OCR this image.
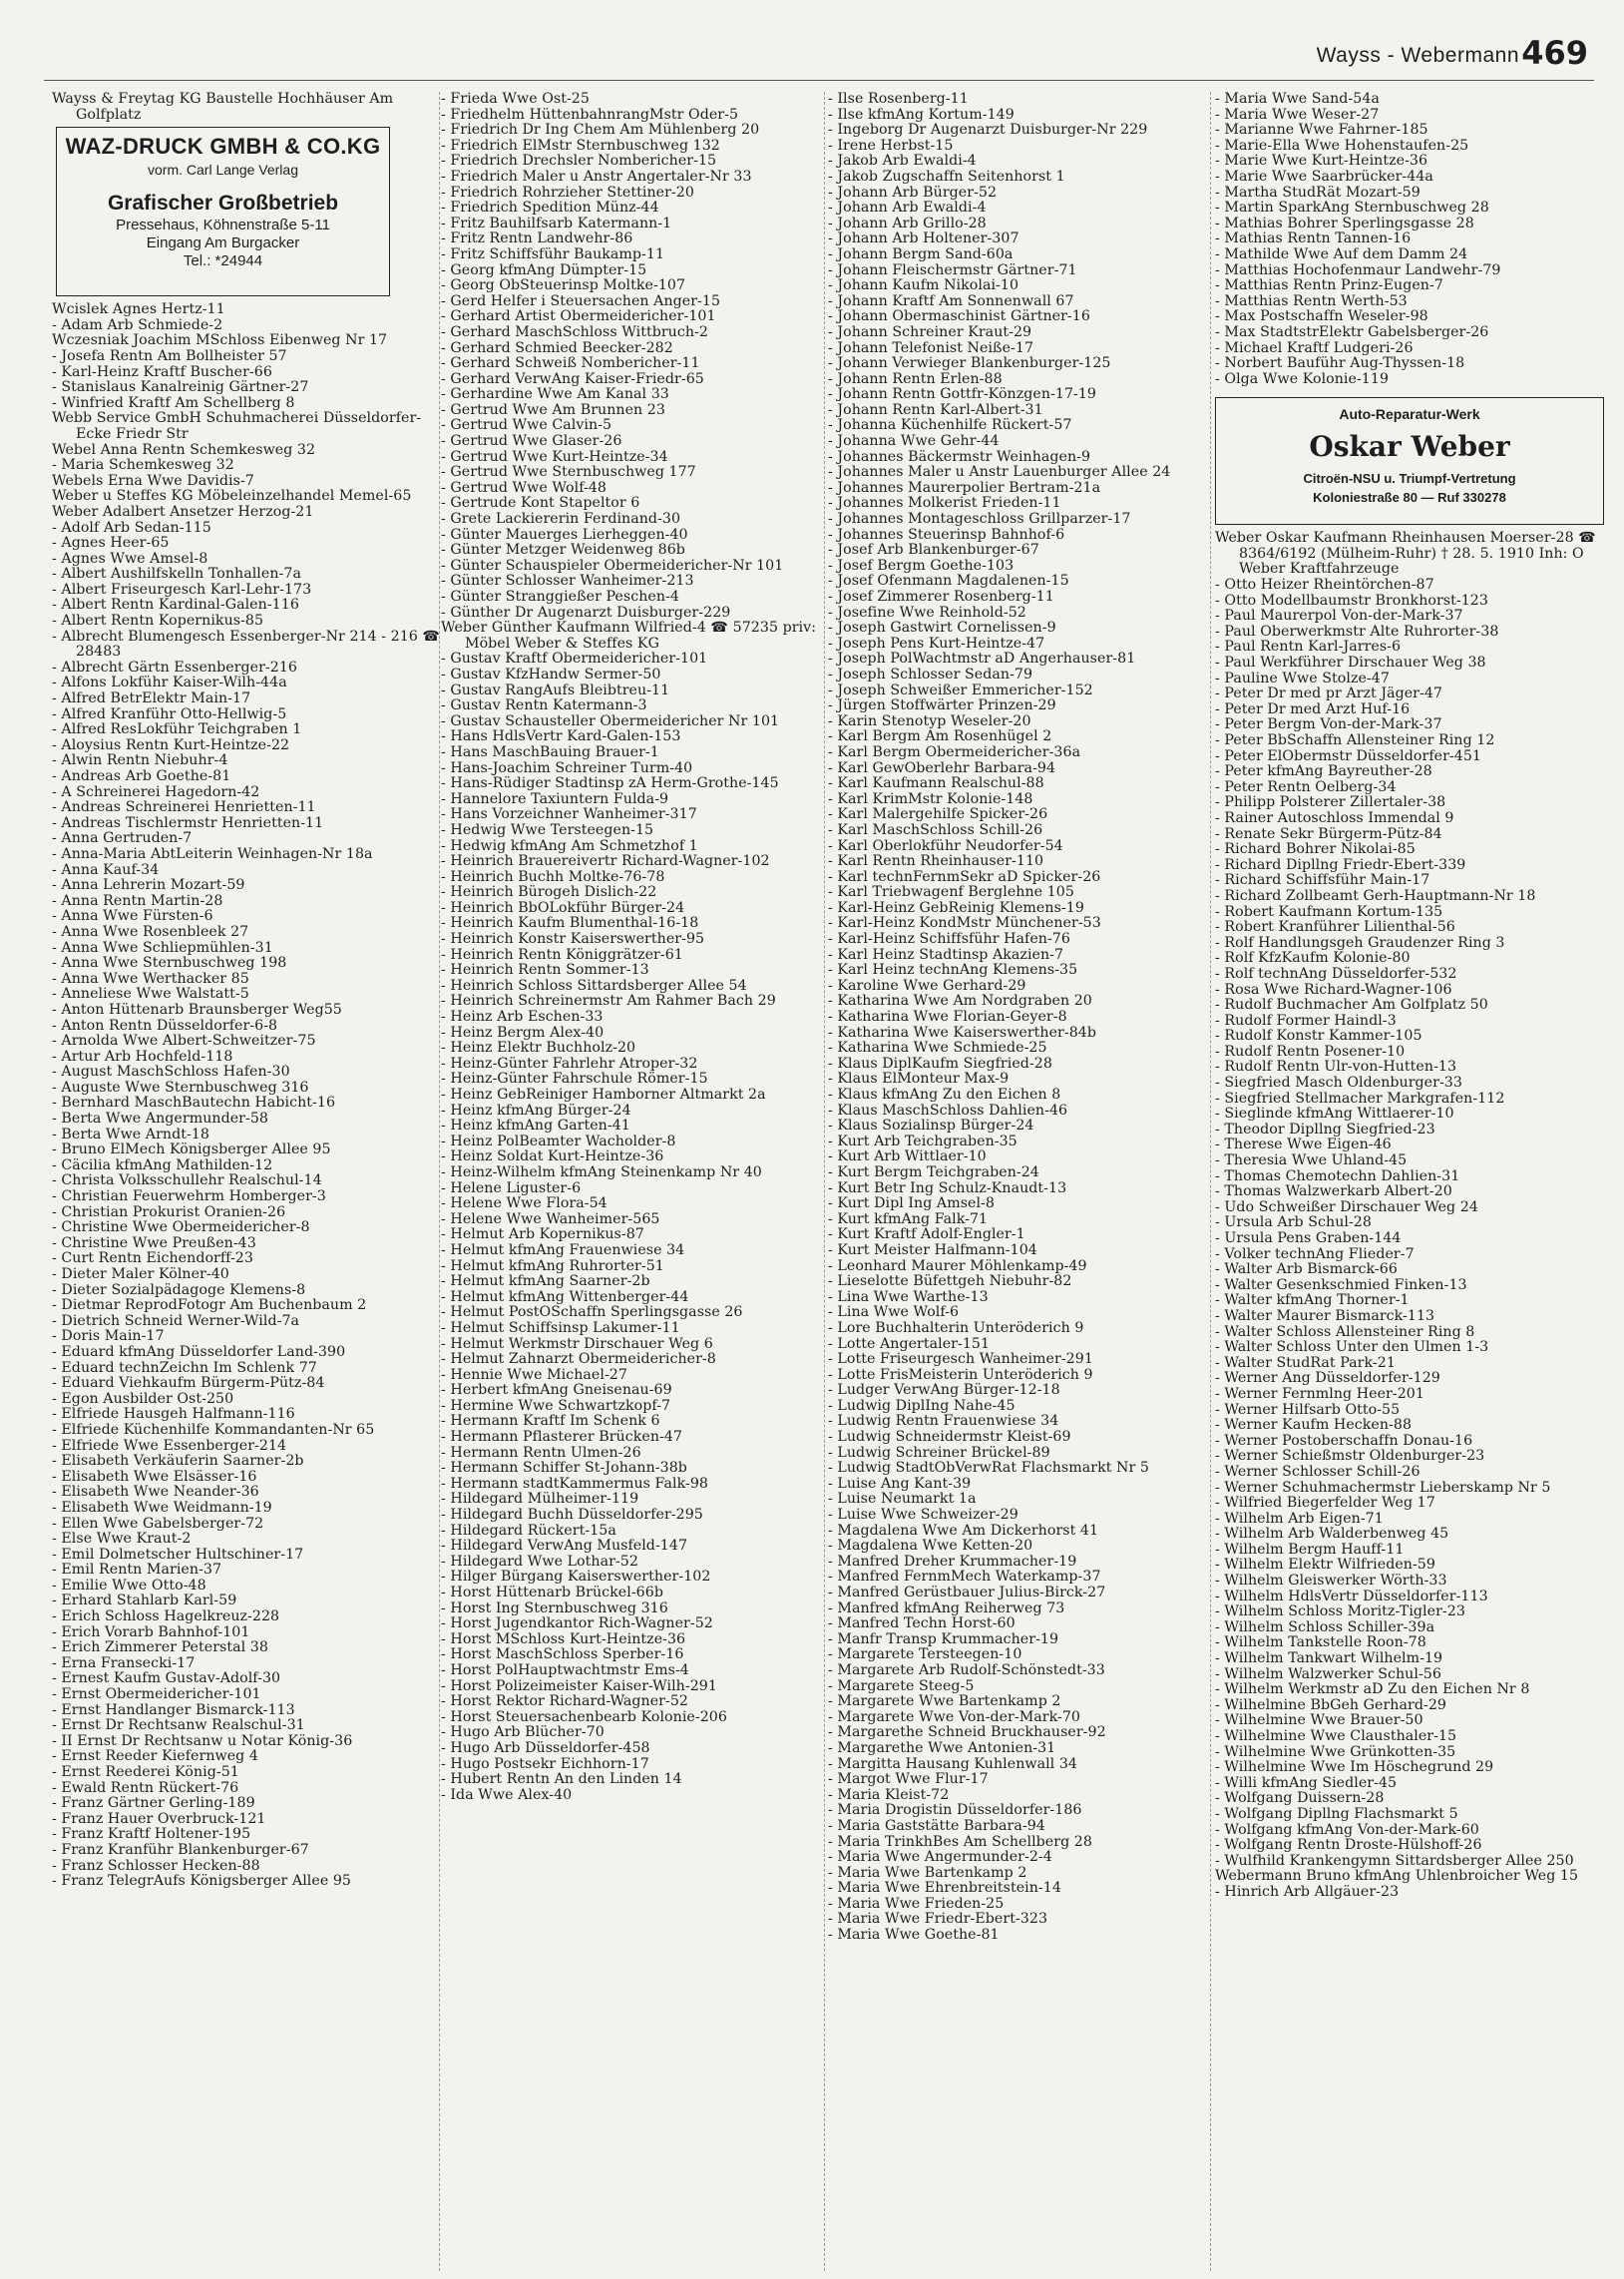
Wayss - Webermann 469
Wayss & Freytag KG Baustelle Hochhäuser Am Golfplatz
WAZ-DRUCK GMBH & CO.KG
vorm. Carl Lange Verlag
Grafischer Großbetrieb
Pressehaus, Köhnenstraße 5-11
Eingang Am Burgacker
Tel.: *24944
Wcislek Agnes Hertz-11
- Adam Arb Schmiede-2
Wczesniak Joachim MSchloss Eibenweg Nr 17
- Josefa Rentn Am Bollheister 57
- Karl-Heinz Kraftf Buscher-66
- Stanislaus Kanalreinig Gärtner-27
- Winfried Kraftf Am Schellberg 8
Webb Service GmbH Schuhmacherei Düsseldorfer- Ecke Friedr Str
Webel Anna Rentn Schemkesweg 32
- Maria Schemkesweg 32
Webels Erna Wwe Davidis-7
Weber u Steffes KG Möbeleinzelhandel Memel-65
Weber Adalbert Ansetzer Herzog-21
- Adolf Arb Sedan-115
- Agnes Heer-65
- Agnes Wwe Amsel-8
- Albert Aushilfskelln Tonhallen-7a
- Albert Friseurgesch Karl-Lehr-173
- Albert Rentn Kardinal-Galen-116
- Albert Rentn Kopernikus-85
- Albrecht Blumengesch Essenberger-Nr 214 - 216 ☎ 28483
- Albrecht Gärtn Essenberger-216
- Alfons Lokführ Kaiser-Wilh-44a
- Alfred BetrElektr Main-17
- Alfred Kranführ Otto-Hellwig-5
- Alfred ResLokführ Teichgraben 1
- Aloysius Rentn Kurt-Heintze-22
- Alwin Rentn Niebuhr-4
- Andreas Arb Goethe-81
- A Schreinerei Hagedorn-42
- Andreas Schreinerei Henrietten-11
- Andreas Tischlermstr Henrietten-11
- Anna Gertruden-7
- Anna-Maria AbtLeiterin Weinhagen-Nr 18a
- Anna Kauf-34
- Anna Lehrerin Mozart-59
- Anna Rentn Martin-28
- Anna Wwe Fürsten-6
- Anna Wwe Rosenbleek 27
- Anna Wwe Schliepmühlen-31
- Anna Wwe Sternbuschweg 198
- Anna Wwe Werthacker 85
- Anneliese Wwe Walstatt-5
- Anton Hüttenarb Braunsberger Weg55
- Anton Rentn Düsseldorfer-6-8
- Arnolda Wwe Albert-Schweitzer-75
- Artur Arb Hochfeld-118
- August MaschSchloss Hafen-30
- Auguste Wwe Sternbuschweg 316
- Bernhard MaschBautechn Habicht-16
- Berta Wwe Angermunder-58
- Berta Wwe Arndt-18
- Bruno ElMech Königsberger Allee 95
- Cäcilia kfmAng Mathilden-12
- Christa Volksschullehr Realschul-14
- Christian Feuerwehrm Homberger-3
- Christian Prokurist Oranien-26
- Christine Wwe Obermeidericher-8
- Christine Wwe Preußen-43
- Curt Rentn Eichendorff-23
- Dieter Maler Kölner-40
- Dieter Sozialpädagoge Klemens-8
- Dietmar ReprodFotogr Am Buchenbaum 2
- Dietrich Schneid Werner-Wild-7a
- Doris Main-17
- Eduard kfmAng Düsseldorfer Land-390
- Eduard technZeichn Im Schlenk 77
- Eduard Viehkaufm Bürgerm-Pütz-84
- Egon Ausbilder Ost-250
- Elfriede Hausgeh Halfmann-116
- Elfriede Küchenhilfe Kommandanten-Nr 65
- Elfriede Wwe Essenberger-214
- Elisabeth Verkäuferin Saarner-2b
- Elisabeth Wwe Elsässer-16
- Elisabeth Wwe Neander-36
- Elisabeth Wwe Weidmann-19
- Ellen Wwe Gabelsberger-72
- Else Wwe Kraut-2
- Emil Dolmetscher Hultschiner-17
- Emil Rentn Marien-37
- Emilie Wwe Otto-48
- Erhard Stahlarb Karl-59
- Erich Schloss Hagelkreuz-228
- Erich Vorarb Bahnhof-101
- Erich Zimmerer Peterstal 38
- Erna Fransecki-17
- Ernest Kaufm Gustav-Adolf-30
- Ernst Obermeidericher-101
- Ernst Handlanger Bismarck-113
- Ernst Dr Rechtsanw Realschul-31
- II Ernst Dr Rechtsanw u Notar König-36
- Ernst Reeder Kiefernweg 4
- Ernst Reederei König-51
- Ewald Rentn Rückert-76
- Franz Gärtner Gerling-189
- Franz Hauer Overbruck-121
- Franz Kraftf Holtener-195
- Franz Kranführ Blankenburger-67
- Franz Schlosser Hecken-88
- Franz TelegrAufs Königsberger Allee 95
- Frieda Wwe Ost-25
- Friedhelm HüttenbahnrangMstr Oder-5
- Friedrich Dr Ing Chem Am Mühlenberg 20
- Friedrich ElMstr Sternbuschweg 132
- Friedrich Drechsler Nombericher-15
- Friedrich Maler u Anstr Angertaler-Nr 33
- Friedrich Rohrzieher Stettiner-20
- Friedrich Spedition Münz-44
- Fritz Bauhilfsarb Katermann-1
- Fritz Rentn Landwehr-86
- Fritz Schiffsführ Baukamp-11
- Georg kfmAng Dümpter-15
- Georg ObSteuerinsp Moltke-107
- Gerd Helfer i Steuersachen Anger-15
- Gerhard Artist Obermeidericher-101
- Gerhard MaschSchloss Wittbruch-2
- Gerhard Schmied Beecker-282
- Gerhard Schweiß Nombericher-11
- Gerhard VerwAng Kaiser-Friedr-65
- Gerhardine Wwe Am Kanal 33
- Gertrud Wwe Am Brunnen 23
- Gertrud Wwe Calvin-5
- Gertrud Wwe Glaser-26
- Gertrud Wwe Kurt-Heintze-34
- Gertrud Wwe Sternbuschweg 177
- Gertrud Wwe Wolf-48
- Gertrude Kont Stapeltor 6
- Grete Lackiererin Ferdinand-30
- Günter Mauerges Lierheggen-40
- Günter Metzger Weidenweg 86b
- Günter Schauspieler Obermeidericher-Nr 101
- Günter Schlosser Wanheimer-213
- Günter Stranggießer Peschen-4
- Günther Dr Augenarzt Duisburger-229
Weber Günther Kaufmann Wilfried-4 ☎ 57235 priv: Möbel Weber & Steffes KG
- Gustav Kraftf Obermeidericher-101
- Gustav KfzHandw Sermer-50
- Gustav RangAufs Bleibtreu-11
- Gustav Rentn Katermann-3
- Gustav Schausteller Obermeidericher Nr 101
- Hans HdlsVertr Kard-Galen-153
- Hans MaschBauing Brauer-1
- Hans-Joachim Schreiner Turm-40
- Hans-Rüdiger Stadtinsp zA Herm-Grothe-145
- Hannelore Taxiuntern Fulda-9
- Hans Vorzeichner Wanheimer-317
- Hedwig Wwe Tersteegen-15
- Hedwig kfmAng Am Schmetzhof 1
- Heinrich Brauereivertr Richard-Wagner-102
- Heinrich Buchh Moltke-76-78
- Heinrich Bürogeh Dislich-22
- Heinrich BbOLokführ Bürger-24
- Heinrich Kaufm Blumenthal-16-18
- Heinrich Konstr Kaiserswerther-95
- Heinrich Rentn Königgrätzer-61
- Heinrich Rentn Sommer-13
- Heinrich Schloss Sittardsberger Allee 54
- Heinrich Schreinermstr Am Rahmer Bach 29
- Heinz Arb Eschen-33
- Heinz Bergm Alex-40
- Heinz Elektr Buchholz-20
- Heinz-Günter Fahrlehr Atroper-32
- Heinz-Günter Fahrschule Römer-15
- Heinz GebReiniger Hamborner Altmarkt 2a
- Heinz kfmAng Bürger-24
- Heinz kfmAng Garten-41
- Heinz PolBeamter Wacholder-8
- Heinz Soldat Kurt-Heintze-36
- Heinz-Wilhelm kfmAng Steinenkamp Nr 40
- Helene Liguster-6
- Helene Wwe Flora-54
- Helene Wwe Wanheimer-565
- Helmut Arb Kopernikus-87
- Helmut kfmAng Frauenwiese 34
- Helmut kfmAng Ruhrorter-51
- Helmut kfmAng Saarner-2b
- Helmut kfmAng Wittenberger-44
- Helmut PostOSchaffn Sperlingsgasse 26
- Helmut Schiffsinsp Lakumer-11
- Helmut Werkmstr Dirschauer Weg 6
- Helmut Zahnarzt Obermeidericher-8
- Hennie Wwe Michael-27
- Herbert kfmAng Gneisenau-69
- Hermine Wwe Schwartzkopf-7
- Hermann Kraftf Im Schenk 6
- Hermann Pflasterer Brücken-47
- Hermann Rentn Ulmen-26
- Hermann Schiffer St-Johann-38b
- Hermann stadtKammermus Falk-98
- Hildegard Mülheimer-119
- Hildegard Buchh Düsseldorfer-295
- Hildegard Rückert-15a
- Hildegard VerwAng Musfeld-147
- Hildegard Wwe Lothar-52
- Hilger Bürgang Kaiserswerther-102
- Horst Hüttenarb Brückel-66b
- Horst Ing Sternbuschweg 316
- Horst Jugendkantor Rich-Wagner-52
- Horst MSchloss Kurt-Heintze-36
- Horst MaschSchloss Sperber-16
- Horst PolHauptwachtmstr Ems-4
- Horst Polizeimeister Kaiser-Wilh-291
- Horst Rektor Richard-Wagner-52
- Horst Steuersachenbearb Kolonie-206
- Hugo Arb Blücher-70
- Hugo Arb Düsseldorfer-458
- Hugo Postsekr Eichhorn-17
- Hubert Rentn An den Linden 14
- Ida Wwe Alex-40
- Ilse Rosenberg-11
- Ilse kfmAng Kortum-149
- Ingeborg Dr Augenarzt Duisburger-Nr 229
- Irene Herbst-15
- Jakob Arb Ewaldi-4
- Jakob Zugschaffn Seitenhorst 1
- Johann Arb Bürger-52
- Johann Arb Ewaldi-4
- Johann Arb Grillo-28
- Johann Arb Holtener-307
- Johann Bergm Sand-60a
- Johann Fleischermstr Gärtner-71
- Johann Kaufm Nikolai-10
- Johann Kraftf Am Sonnenwall 67
- Johann Obermaschinist Gärtner-16
- Johann Schreiner Kraut-29
- Johann Telefonist Neiße-17
- Johann Verwieger Blankenburger-125
- Johann Rentn Erlen-88
- Johann Rentn Gottfr-Könzgen-17-19
- Johann Rentn Karl-Albert-31
- Johanna Küchenhilfe Rückert-57
- Johanna Wwe Gehr-44
- Johannes Bäckermstr Weinhagen-9
- Johannes Maler u Anstr Lauenburger Allee 24
- Johannes Maurerpolier Bertram-21a
- Johannes Molkerist Frieden-11
- Johannes Montageschloss Grillparzer-17
- Johannes Steuerinsp Bahnhof-6
- Josef Arb Blankenburger-67
- Josef Bergm Goethe-103
- Josef Ofenmann Magdalenen-15
- Josef Zimmerer Rosenberg-11
- Josefine Wwe Reinhold-52
- Joseph Gastwirt Cornelissen-9
- Joseph Pens Kurt-Heintze-47
- Joseph PolWachtmstr aD Angerhauser-81
- Joseph Schlosser Sedan-79
- Joseph Schweißer Emmericher-152
- Jürgen Stoffwärter Prinzen-29
- Karin Stenotyp Weseler-20
- Karl Bergm Am Rosenhügel 2
- Karl Bergm Obermeidericher-36a
- Karl GewOberlehr Barbara-94
- Karl Kaufmann Realschul-88
- Karl KrimMstr Kolonie-148
- Karl Malergehilfe Spicker-26
- Karl MaschSchloss Schill-26
- Karl Oberlokführ Neudorfer-54
- Karl Rentn Rheinhauser-110
- Karl technFernmSekr aD Spicker-26
- Karl Triebwagenf Berglehne 105
- Karl-Heinz GebReinig Klemens-19
- Karl-Heinz KondMstr Münchener-53
- Karl-Heinz Schiffsführ Hafen-76
- Karl Heinz Stadtinsp Akazien-7
- Karl Heinz technAng Klemens-35
- Karoline Wwe Gerhard-29
- Katharina Wwe Am Nordgraben 20
- Katharina Wwe Florian-Geyer-8
- Katharina Wwe Kaiserswerther-84b
- Katharina Wwe Schmiede-25
- Klaus DiplKaufm Siegfried-28
- Klaus ElMonteur Max-9
- Klaus kfmAng Zu den Eichen 8
- Klaus MaschSchloss Dahlien-46
- Klaus Sozialinsp Bürger-24
- Kurt Arb Teichgraben-35
- Kurt Arb Wittlaer-10
- Kurt Bergm Teichgraben-24
- Kurt Betr Ing Schulz-Knaudt-13
- Kurt Dipl Ing Amsel-8
- Kurt kfmAng Falk-71
- Kurt Kraftf Adolf-Engler-1
- Kurt Meister Halfmann-104
- Leonhard Maurer Möhlenkamp-49
- Lieselotte Büfettgeh Niebuhr-82
- Lina Wwe Warthe-13
- Lina Wwe Wolf-6
- Lore Buchhalterin Unteröderich 9
- Lotte Angertaler-151
- Lotte Friseurgesch Wanheimer-291
- Lotte FrisMeisterin Unteröderich 9
- Ludger VerwAng Bürger-12-18
- Ludwig DiplIng Nahe-45
- Ludwig Rentn Frauenwiese 34
- Ludwig Schneidermstr Kleist-69
- Ludwig Schreiner Brückel-89
- Ludwig StadtObVerwRat Flachsmarkt Nr 5
- Luise Ang Kant-39
- Luise Neumarkt 1a
- Luise Wwe Schweizer-29
- Magdalena Wwe Am Dickerhorst 41
- Magdalena Wwe Ketten-20
- Manfred Dreher Krummacher-19
- Manfred FernmMech Waterkamp-37
- Manfred Gerüstbauer Julius-Birck-27
- Manfred kfmAng Reiherweg 73
- Manfred Techn Horst-60
- Manfr Transp Krummacher-19
- Margarete Tersteegen-10
- Margarete Arb Rudolf-Schönstedt-33
- Margarete Steeg-5
- Margarete Wwe Bartenkamp 2
- Margarete Wwe Von-der-Mark-70
- Margarethe Schneid Bruckhauser-92
- Margarethe Wwe Antonien-31
- Margitta Hausang Kuhlenwall 34
- Margot Wwe Flur-17
- Maria Kleist-72
- Maria Drogistin Düsseldorfer-186
- Maria Gaststätte Barbara-94
- Maria TrinkhBes Am Schellberg 28
- Maria Wwe Angermunder-2-4
- Maria Wwe Bartenkamp 2
- Maria Wwe Ehrenbreitstein-14
- Maria Wwe Frieden-25
- Maria Wwe Friedr-Ebert-323
- Maria Wwe Goethe-81
- Maria Wwe Sand-54a
- Maria Wwe Weser-27
- Marianne Wwe Fahrner-185
- Marie-Ella Wwe Hohenstaufen-25
- Marie Wwe Kurt-Heintze-36
- Marie Wwe Saarbrücker-44a
- Martha StudRät Mozart-59
- Martin SparkAng Sternbuschweg 28
- Mathias Bohrer Sperlingsgasse 28
- Mathias Rentn Tannen-16
- Mathilde Wwe Auf dem Damm 24
- Matthias Hochofenmaur Landwehr-79
- Matthias Rentn Prinz-Eugen-7
- Matthias Rentn Werth-53
- Max Postschaffn Weseler-98
- Max StadtstrElektr Gabelsberger-26
- Michael Kraftf Ludgeri-26
- Norbert Bauführ Aug-Thyssen-18
- Olga Wwe Kolonie-119
Auto-Reparatur-Werk
Oskar Weber
Citroën-NSU u. Triumpf-Vertretung
Koloniestraße 80 — Ruf 330278
Weber Oskar Kaufmann Rheinhausen Moerser-28 ☎ 8364/6192 (Mülheim-Ruhr) † 28. 5. 1910 Inh: O Weber Kraftfahrzeuge
- Otto Heizer Rheintörchen-87
- Otto Modellbaumstr Bronkhorst-123
- Paul Maurerpol Von-der-Mark-37
- Paul Oberwerkmstr Alte Ruhrorter-38
- Paul Rentn Karl-Jarres-6
- Paul Werkführer Dirschauer Weg 38
- Pauline Wwe Stolze-47
- Peter Dr med pr Arzt Jäger-47
- Peter Dr med Arzt Huf-16
- Peter Bergm Von-der-Mark-37
- Peter BbSchaffn Allensteiner Ring 12
- Peter ElObermstr Düsseldorfer-451
- Peter kfmAng Bayreuther-28
- Peter Rentn Oelberg-34
- Philipp Polsterer Zillertaler-38
- Rainer Autoschloss Immendal 9
- Renate Sekr Bürgerm-Pütz-84
- Richard Bohrer Nikolai-85
- Richard Dipllng Friedr-Ebert-339
- Richard Schiffsführ Main-17
- Richard Zollbeamt Gerh-Hauptmann-Nr 18
- Robert Kaufmann Kortum-135
- Robert Kranführer Lilienthal-56
- Rolf Handlungsgeh Graudenzer Ring 3
- Rolf KfzKaufm Kolonie-80
- Rolf technAng Düsseldorfer-532
- Rosa Wwe Richard-Wagner-106
- Rudolf Buchmacher Am Golfplatz 50
- Rudolf Former Haindl-3
- Rudolf Konstr Kammer-105
- Rudolf Rentn Posener-10
- Rudolf Rentn Ulr-von-Hutten-13
- Siegfried Masch Oldenburger-33
- Siegfried Stellmacher Markgrafen-112
- Sieglinde kfmAng Wittlaerer-10
- Theodor Dipllng Siegfried-23
- Therese Wwe Eigen-46
- Theresia Wwe Uhland-45
- Thomas Chemotechn Dahlien-31
- Thomas Walzwerkarb Albert-20
- Udo Schweißer Dirschauer Weg 24
- Ursula Arb Schul-28
- Ursula Pens Graben-144
- Volker technAng Flieder-7
- Walter Arb Bismarck-66
- Walter Gesenkschmied Finken-13
- Walter kfmAng Thorner-1
- Walter Maurer Bismarck-113
- Walter Schloss Allensteiner Ring 8
- Walter Schloss Unter den Ulmen 1-3
- Walter StudRat Park-21
- Werner Ang Düsseldorfer-129
- Werner Fernmlng Heer-201
- Werner Hilfsarb Otto-55
- Werner Kaufm Hecken-88
- Werner Postoberschaffn Donau-16
- Werner Schießmstr Oldenburger-23
- Werner Schlosser Schill-26
- Werner Schuhmachermstr Lieberskamp Nr 5
- Wilfried Biegerfelder Weg 17
- Wilhelm Arb Eigen-71
- Wilhelm Arb Walderbenweg 45
- Wilhelm Bergm Hauff-11
- Wilhelm Elektr Wilfrieden-59
- Wilhelm Gleiswerker Wörth-33
- Wilhelm HdlsVertr Düsseldorfer-113
- Wilhelm Schloss Moritz-Tigler-23
- Wilhelm Schloss Schiller-39a
- Wilhelm Tankstelle Roon-78
- Wilhelm Tankwart Wilhelm-19
- Wilhelm Walzwerker Schul-56
- Wilhelm Werkmstr aD Zu den Eichen Nr 8
- Wilhelmine BbGeh Gerhard-29
- Wilhelmine Wwe Brauer-50
- Wilhelmine Wwe Clausthaler-15
- Wilhelmine Wwe Grünkotten-35
- Wilhelmine Wwe Im Höschegrund 29
- Willi kfmAng Siedler-45
- Wolfgang Duissern-28
- Wolfgang Dipllng Flachsmarkt 5
- Wolfgang kfmAng Von-der-Mark-60
- Wolfgang Rentn Droste-Hülshoff-26
- Wulfhild Krankengymn Sittardsberger Allee 250
Webermann Bruno kfmAng Uhlenbroicher Weg 15
- Hinrich Arb Allgäuer-23
